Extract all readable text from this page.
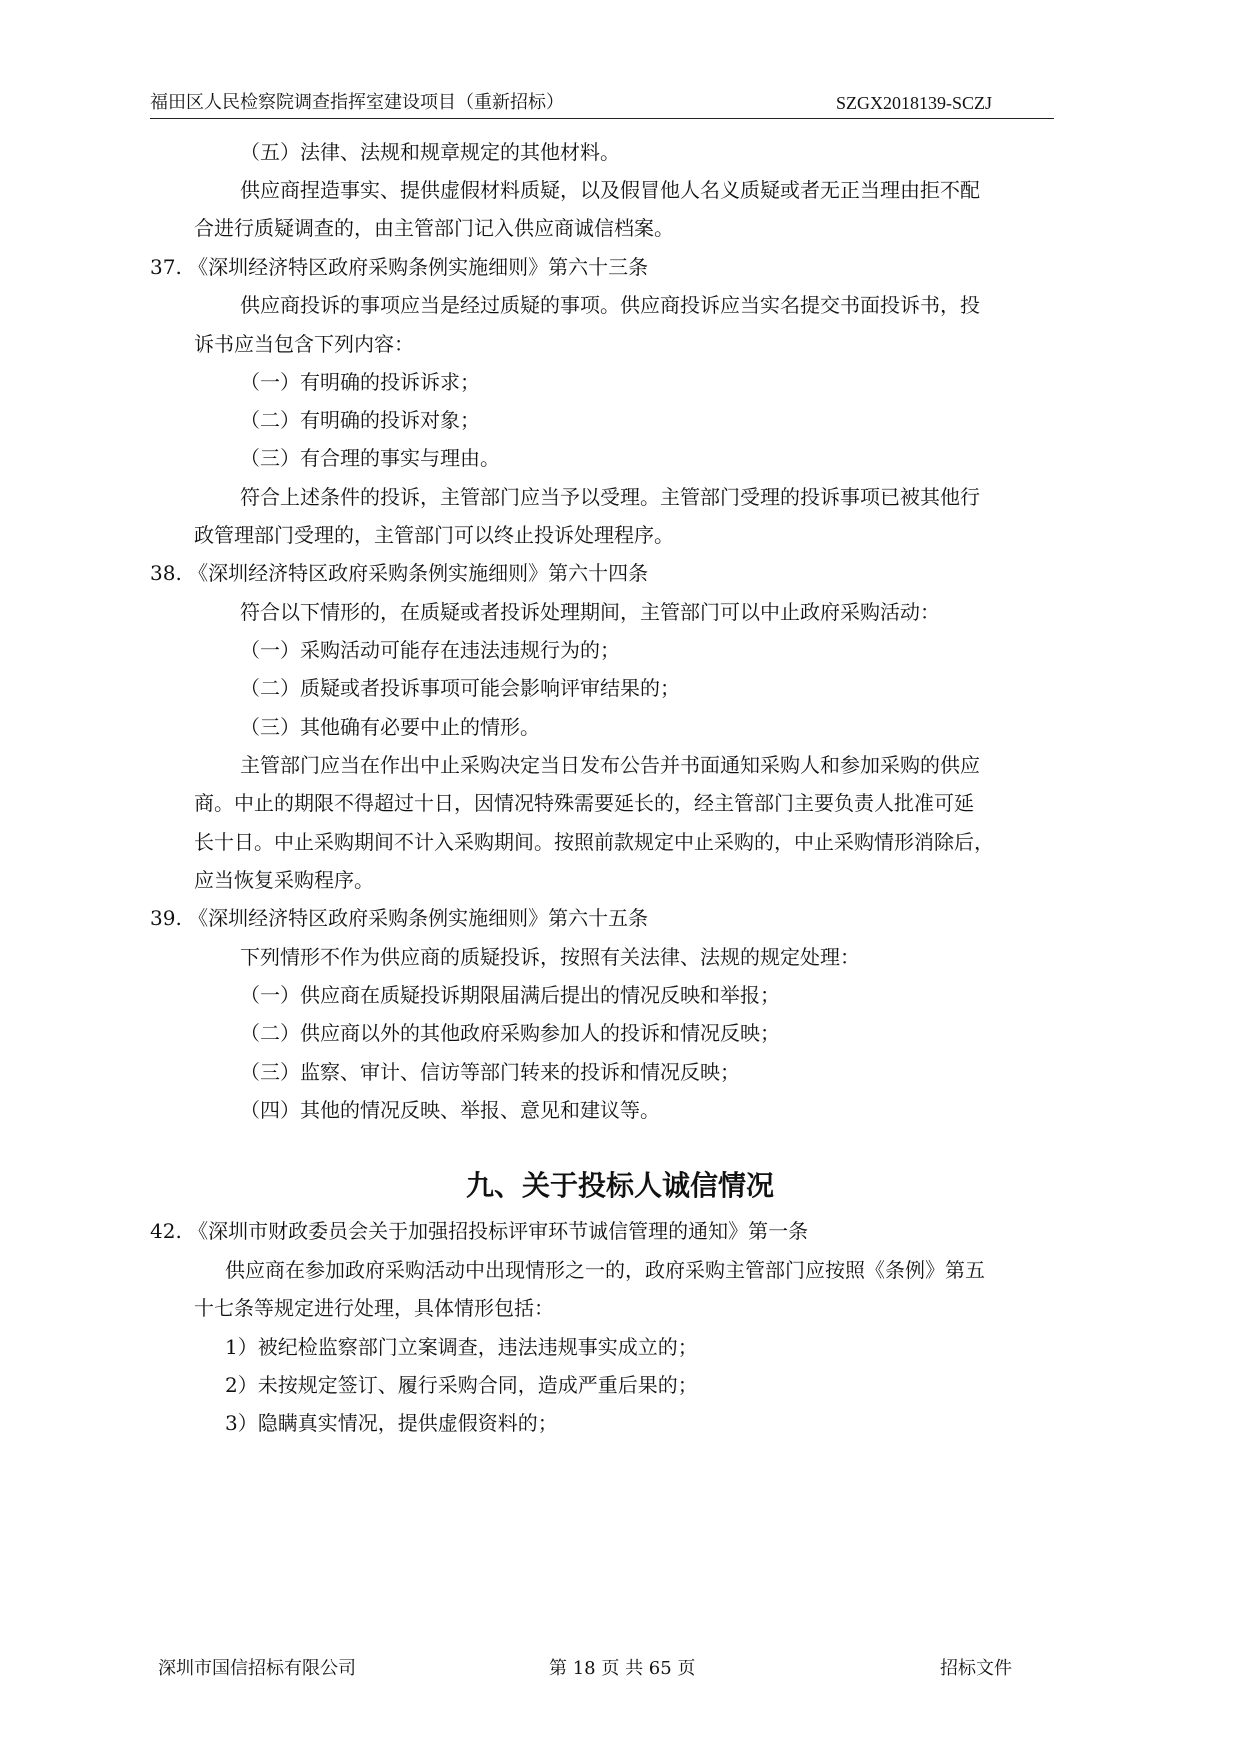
福田区人民检察院调查指挥室建设项目（重新招标）	SZGX2018139-SCZJ
（五）法律、法规和规章规定的其他材料。
供应商捏造事实、提供虚假材料质疑，以及假冒他人名义质疑或者无正当理由拒不配
合进行质疑调查的，由主管部门记入供应商诚信档案。
37. 《深圳经济特区政府采购条例实施细则》第六十三条
供应商投诉的事项应当是经过质疑的事项。供应商投诉应当实名提交书面投诉书，投
诉书应当包含下列内容：
（一）有明确的投诉诉求；
（二）有明确的投诉对象；
（三）有合理的事实与理由。
符合上述条件的投诉，主管部门应当予以受理。主管部门受理的投诉事项已被其他行
政管理部门受理的，主管部门可以终止投诉处理程序。
38. 《深圳经济特区政府采购条例实施细则》第六十四条
符合以下情形的，在质疑或者投诉处理期间，主管部门可以中止政府采购活动：
（一）采购活动可能存在违法违规行为的；
（二）质疑或者投诉事项可能会影响评审结果的；
（三）其他确有必要中止的情形。
主管部门应当在作出中止采购决定当日发布公告并书面通知采购人和参加采购的供应
商。中止的期限不得超过十日，因情况特殊需要延长的，经主管部门主要负责人批准可延
长十日。中止采购期间不计入采购期间。按照前款规定中止采购的，中止采购情形消除后，
应当恢复采购程序。
39. 《深圳经济特区政府采购条例实施细则》第六十五条
下列情形不作为供应商的质疑投诉，按照有关法律、法规的规定处理：
（一）供应商在质疑投诉期限届满后提出的情况反映和举报；
（二）供应商以外的其他政府采购参加人的投诉和情况反映；
（三）监察、审计、信访等部门转来的投诉和情况反映；
（四）其他的情况反映、举报、意见和建议等。
九、关于投标人诚信情况
42. 《深圳市财政委员会关于加强招投标评审环节诚信管理的通知》第一条
供应商在参加政府采购活动中出现情形之一的，政府采购主管部门应按照《条例》第五
十七条等规定进行处理，具体情形包括：
1）被纪检监察部门立案调查，违法违规事实成立的；
2）未按规定签订、履行采购合同，造成严重后果的；
3）隐瞒真实情况，提供虚假资料的；
深圳市国信招标有限公司	第 18 页 共 65 页	招标文件
